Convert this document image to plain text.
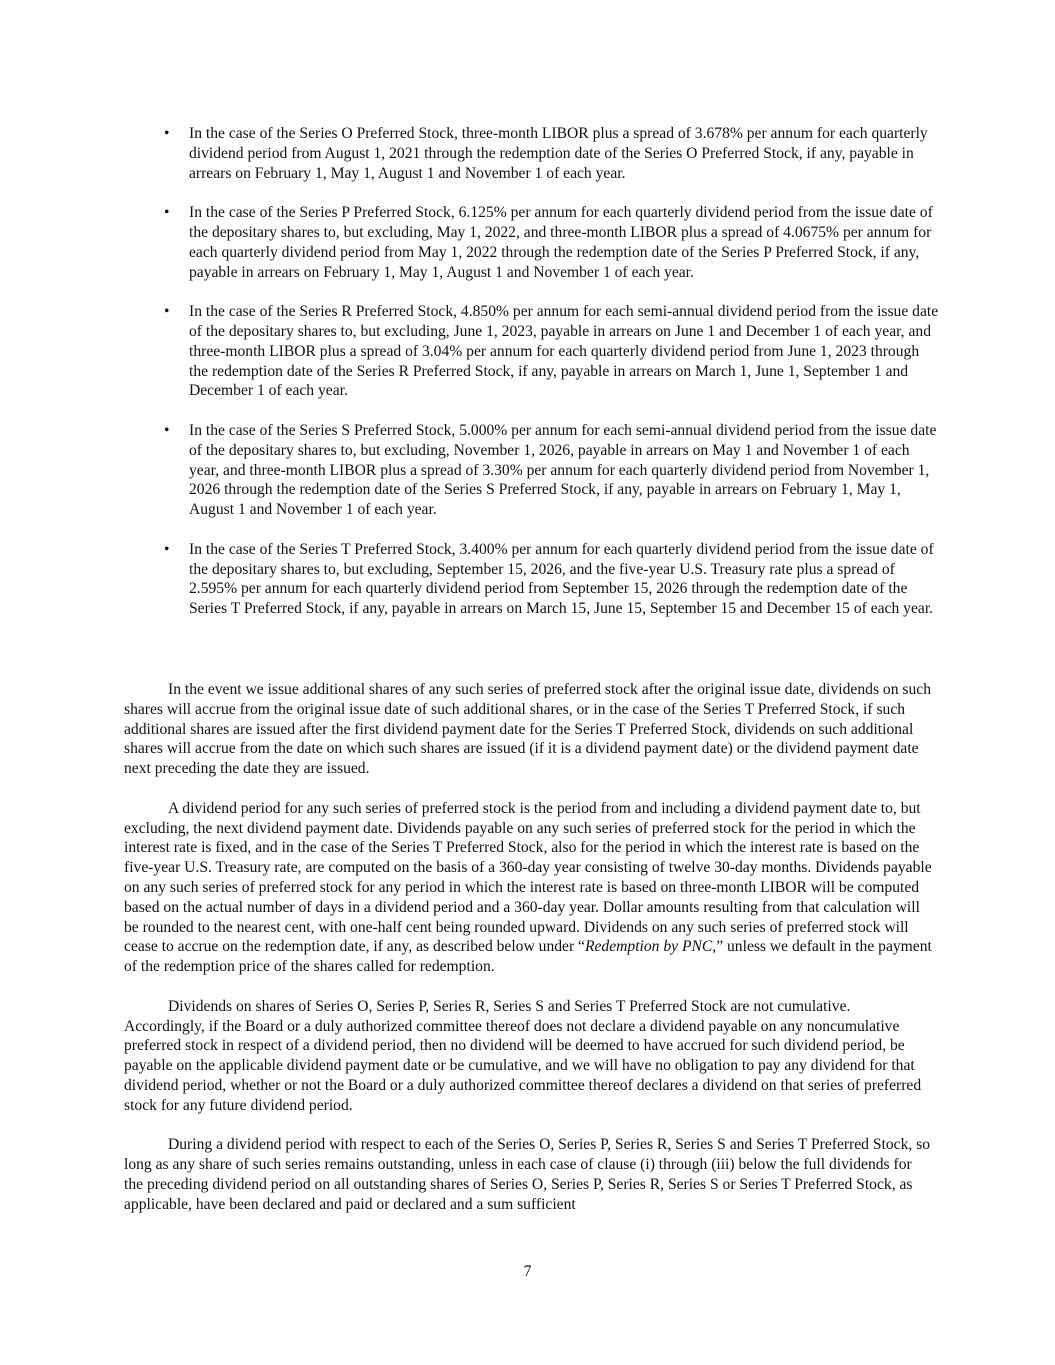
• In the case of the Series O Preferred Stock, three-month LIBOR plus a spread of 3.678% per annum for each quarterly dividend period from August 1, 2021 through the redemption date of the Series O Preferred Stock, if any, payable in arrears on February 1, May 1, August 1 and November 1 of each year.
• In the case of the Series P Preferred Stock, 6.125% per annum for each quarterly dividend period from the issue date of the depositary shares to, but excluding, May 1, 2022, and three-month LIBOR plus a spread of 4.0675% per annum for each quarterly dividend period from May 1, 2022 through the redemption date of the Series P Preferred Stock, if any, payable in arrears on February 1, May 1, August 1 and November 1 of each year.
• In the case of the Series R Preferred Stock, 4.850% per annum for each semi-annual dividend period from the issue date of the depositary shares to, but excluding, June 1, 2023, payable in arrears on June 1 and December 1 of each year, and three-month LIBOR plus a spread of 3.04% per annum for each quarterly dividend period from June 1, 2023 through the redemption date of the Series R Preferred Stock, if any, payable in arrears on March 1, June 1, September 1 and December 1 of each year.
• In the case of the Series S Preferred Stock, 5.000% per annum for each semi-annual dividend period from the issue date of the depositary shares to, but excluding, November 1, 2026, payable in arrears on May 1 and November 1 of each year, and three-month LIBOR plus a spread of 3.30% per annum for each quarterly dividend period from November 1, 2026 through the redemption date of the Series S Preferred Stock, if any, payable in arrears on February 1, May 1, August 1 and November 1 of each year.
• In the case of the Series T Preferred Stock, 3.400% per annum for each quarterly dividend period from the issue date of the depositary shares to, but excluding, September 15, 2026, and the five-year U.S. Treasury rate plus a spread of 2.595% per annum for each quarterly dividend period from September 15, 2026 through the redemption date of the Series T Preferred Stock, if any, payable in arrears on March 15, June 15, September 15 and December 15 of each year.

In the event we issue additional shares of any such series of preferred stock after the original issue date, dividends on such shares will accrue from the original issue date of such additional shares, or in the case of the Series T Preferred Stock, if such additional shares are issued after the first dividend payment date for the Series T Preferred Stock, dividends on such additional shares will accrue from the date on which such shares are issued (if it is a dividend payment date) or the dividend payment date next preceding the date they are issued.

A dividend period for any such series of preferred stock is the period from and including a dividend payment date to, but excluding, the next dividend payment date. Dividends payable on any such series of preferred stock for the period in which the interest rate is fixed, and in the case of the Series T Preferred Stock, also for the period in which the interest rate is based on the five-year U.S. Treasury rate, are computed on the basis of a 360-day year consisting of twelve 30-day months. Dividends payable on any such series of preferred stock for any period in which the interest rate is based on three-month LIBOR will be computed based on the actual number of days in a dividend period and a 360-day year. Dollar amounts resulting from that calculation will be rounded to the nearest cent, with one-half cent being rounded upward. Dividends on any such series of preferred stock will cease to accrue on the redemption date, if any, as described below under “Redemption by PNC,” unless we default in the payment of the redemption price of the shares called for redemption.

Dividends on shares of Series O, Series P, Series R, Series S and Series T Preferred Stock are not cumulative. Accordingly, if the Board or a duly authorized committee thereof does not declare a dividend payable on any noncumulative preferred stock in respect of a dividend period, then no dividend will be deemed to have accrued for such dividend period, be payable on the applicable dividend payment date or be cumulative, and we will have no obligation to pay any dividend for that dividend period, whether or not the Board or a duly authorized committee thereof declares a dividend on that series of preferred stock for any future dividend period.

During a dividend period with respect to each of the Series O, Series P, Series R, Series S and Series T Preferred Stock, so long as any share of such series remains outstanding, unless in each case of clause (i) through (iii) below the full dividends for the preceding dividend period on all outstanding shares of Series O, Series P, Series R, Series S or Series T Preferred Stock, as applicable, have been declared and paid or declared and a sum sufficient

7
